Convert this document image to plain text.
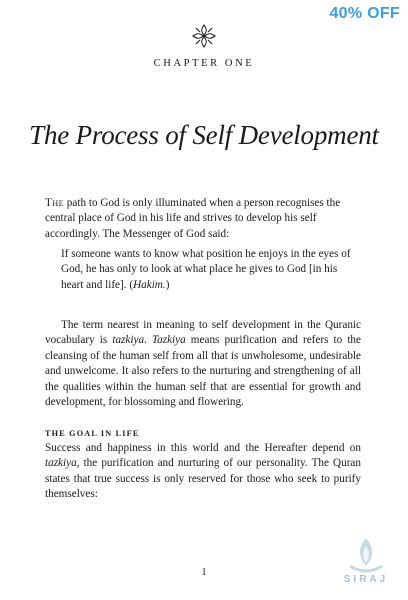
40% OFF
CHAPTER ONE
The Process of Self Development
The path to God is only illuminated when a person recognises the central place of God in his life and strives to develop his self accordingly. The Messenger of God said:
If someone wants to know what position he enjoys in the eyes of God, he has only to look at what place he gives to God [in his heart and life]. (Hakim.)
The term nearest in meaning to self development in the Quranic vocabulary is tazkiya. Tazkiya means purification and refers to the cleansing of the human self from all that is unwholesome, undesirable and unwelcome. It also refers to the nurturing and strengthening of all the qualities within the human self that are essential for growth and development, for blossoming and flowering.
THE GOAL IN LIFE
Success and happiness in this world and the Hereafter depend on tazkiya, the purification and nurturing of our personality. The Quran states that true success is only reserved for those who seek to purify themselves:
1
SIRAJ
